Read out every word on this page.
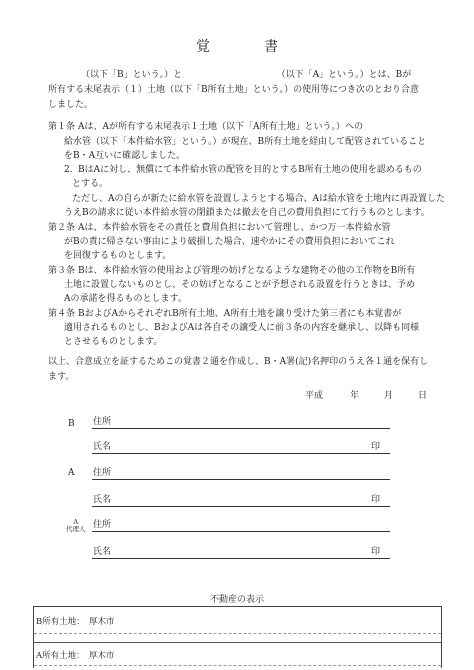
覚　書
（以下「B」という。）と　　　　　　　　　　　（以下「A」という。）とは、Bが
所有する末尾表示（１）土地（以下「B所有土地」という。）の使用等につき次のとおり合意
しました。
第１条 Aは、Aが所有する末尾表示１土地（以下「A所有土地」という。）への
給水管（以下「本件給水管」という。）が現在、B所有土地を経由して配管されていること
をB・A互いに確認しました。
2． BはAに対し、無償にて本件給水管の配管を目的とするB所有土地の使用を認めるもの
とする。
ただし、Aの自らが新たに給水管を設置しようとする場合、Aは給水管を土地内に再設置した
うえBの請求に従い本件給水管の閉鎖または撤去を自己の費用負担にて行うものとします。
第２条 Aは、本件給水管をその責任と費用負担において管理し、かつ万一本件給水管
がBの責に帰さない事由により破損した場合、速やかにその費用負担においてこれ
を回復するものとします。
第３条 Bは、本件給水管の使用および管理の妨げとなるような建物その他の工作物をB所有
土地に設置しないものとし、その妨げとなることが予想される設置を行うときは、予め
Aの承諾を得るものとします。
第４条 BおよびAからそれぞれB所有土地、A所有土地を譲り受けた第三者にも本覚書が
適用されるものとし、BおよびAは各自その譲受人に前３条の内容を継承し、以降も同様
とさせるものとします。
以上、合意成立を証するためこの覚書２通を作成し、B・A署(記)名押印のうえ各１通を保有し
ます。
平成	年	月	日
B 住所
氏名	印
A 住所
氏名	印
A
代理人 住所
氏名	印
不動産の表示
B所有土地：　厚木市
A所有土地：　厚木市
